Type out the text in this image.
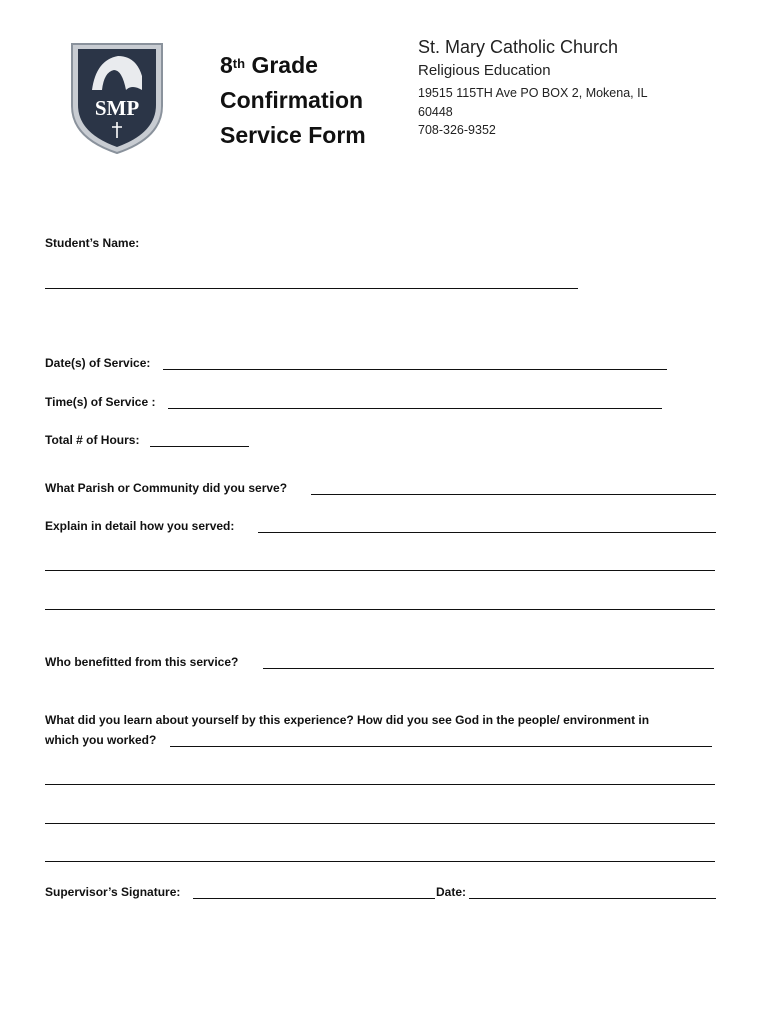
SMP
8th Grade
Confirmation
Service Form
St. Mary Catholic Church
Religious Education
19515 115TH Ave PO BOX 2, Mokena, IL 60448
708-326-9352
Student’s Name:
Date(s) of Service:
Time(s) of Service :
Total # of Hours:
What Parish or Community did you serve?
Explain in detail how you served:
Who benefitted from this service?
What did you learn about yourself by this experience? How did you see God in the people/ environment in
which you worked?
Supervisor’s Signature:	Date:
